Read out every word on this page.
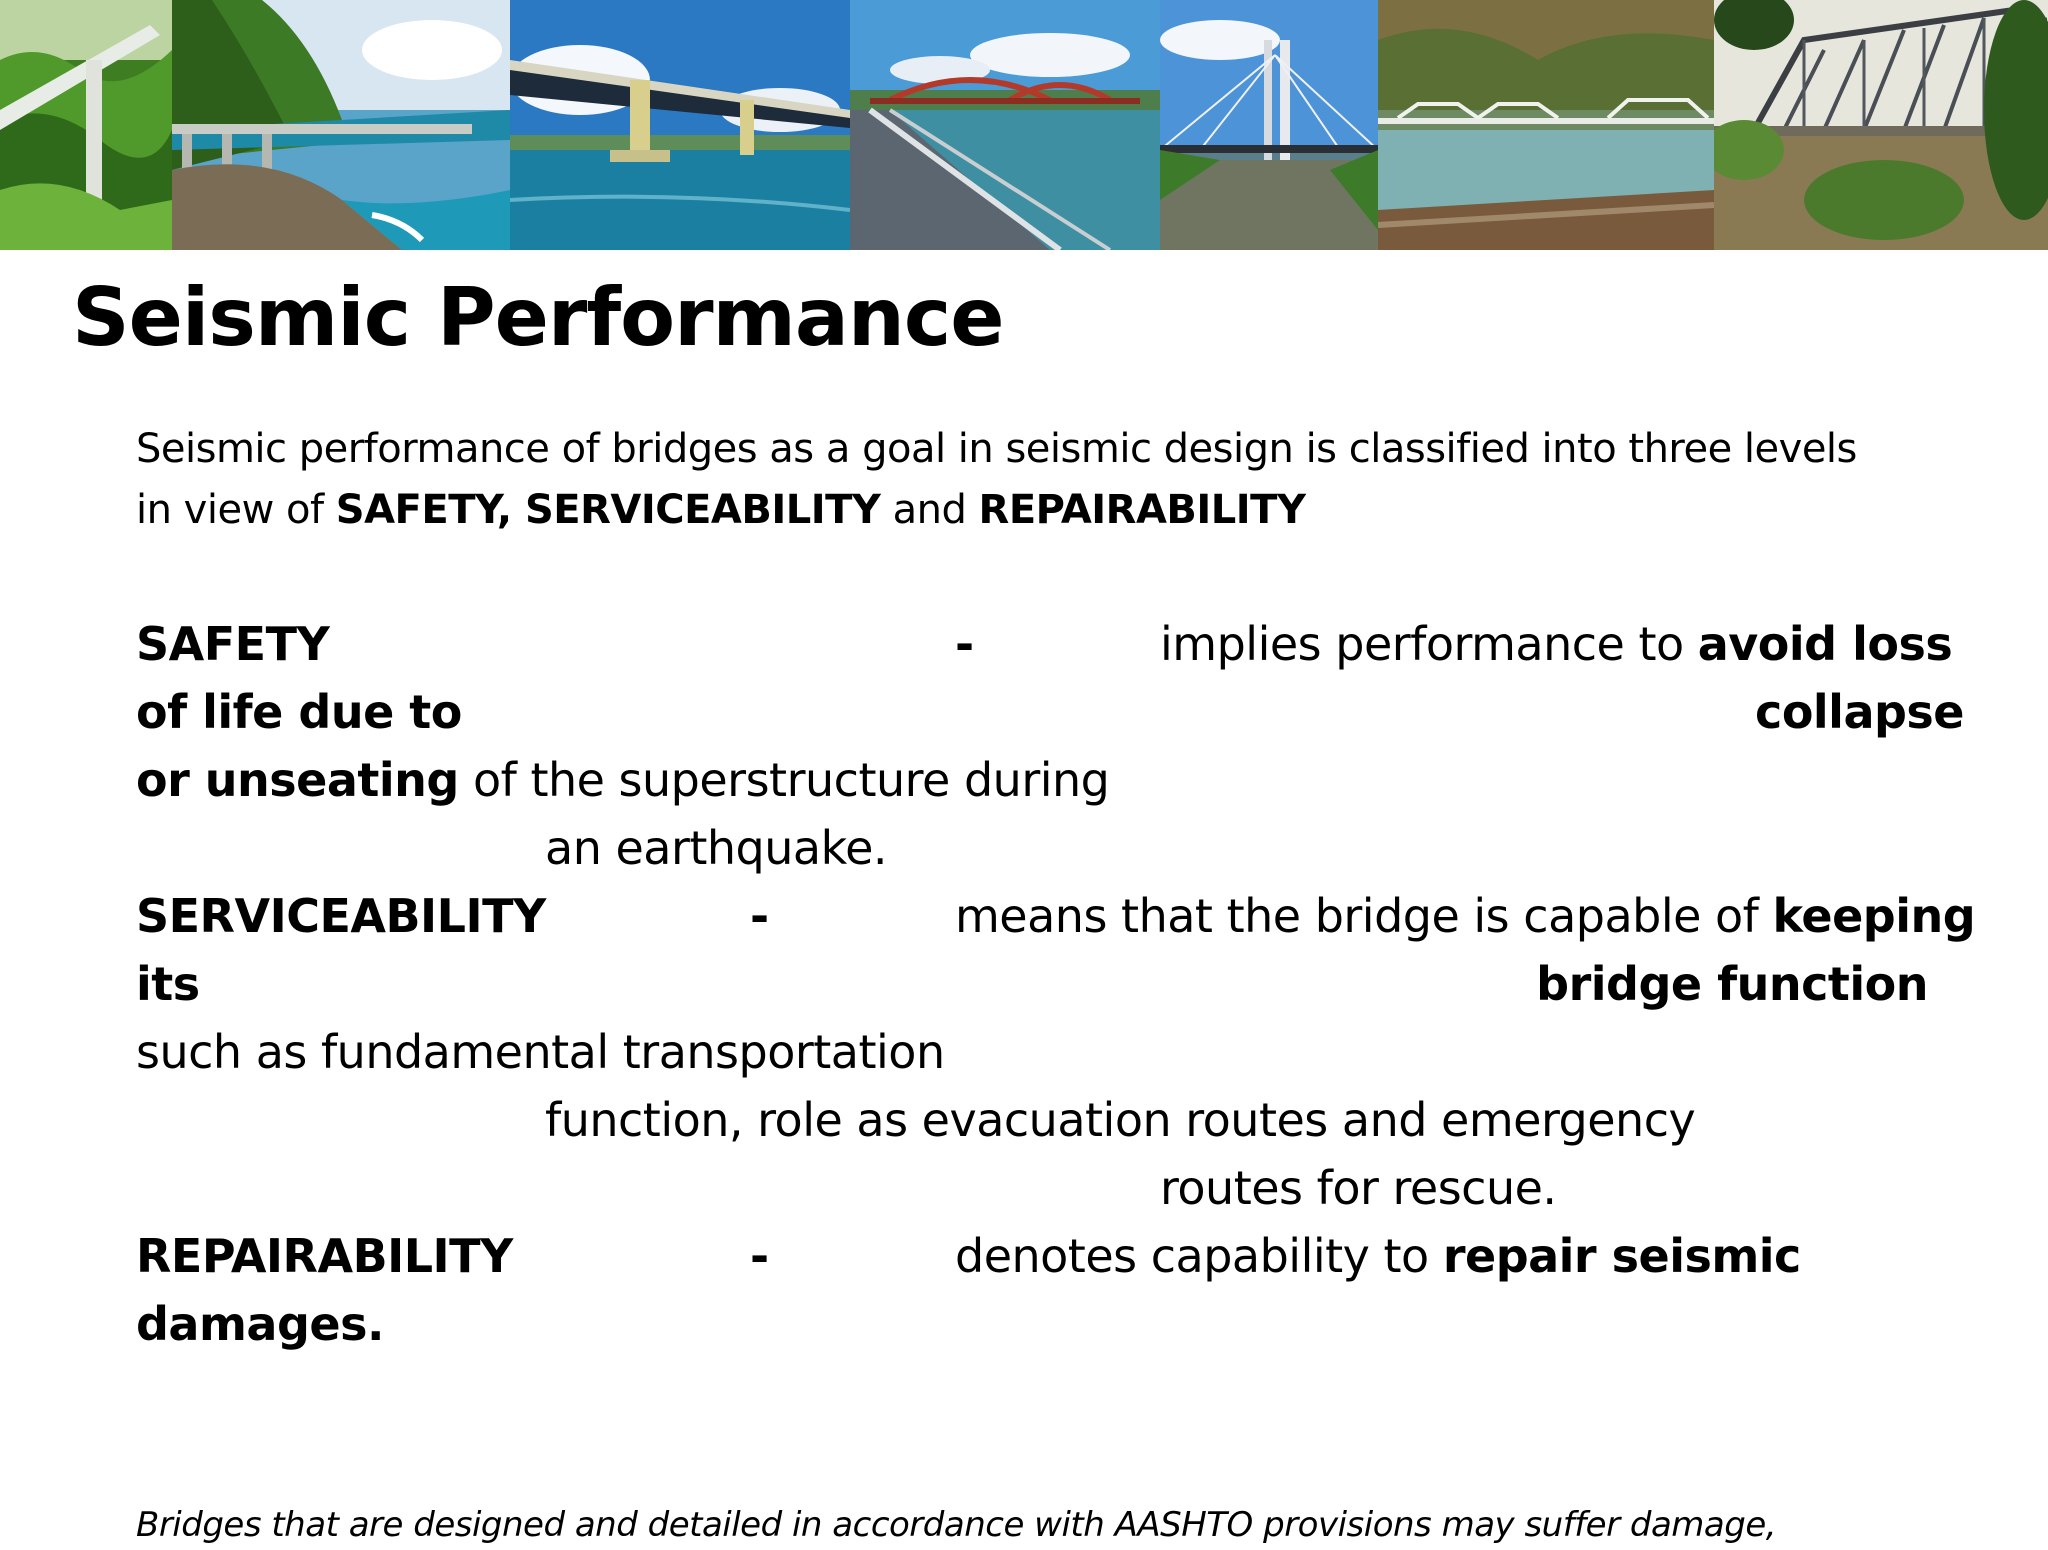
Seismic Performance
Seismic performance of bridges as a goal in seismic design is classified into three levels
in view of SAFETY, SERVICEABILITY and REPAIRABILITY
SAFETY	-	implies performance to avoid loss
of life due to	collapse
or unseating of the superstructure during
an earthquake.
SERVICEABILITY	-	means that the bridge is capable of keeping
its	bridge function
such as fundamental transportation
function, role as evacuation routes and emergency
routes for rescue.
REPAIRABILITY	-	denotes capability to repair seismic
damages.
Bridges that are designed and detailed in accordance with AASHTO provisions may suffer damage,
